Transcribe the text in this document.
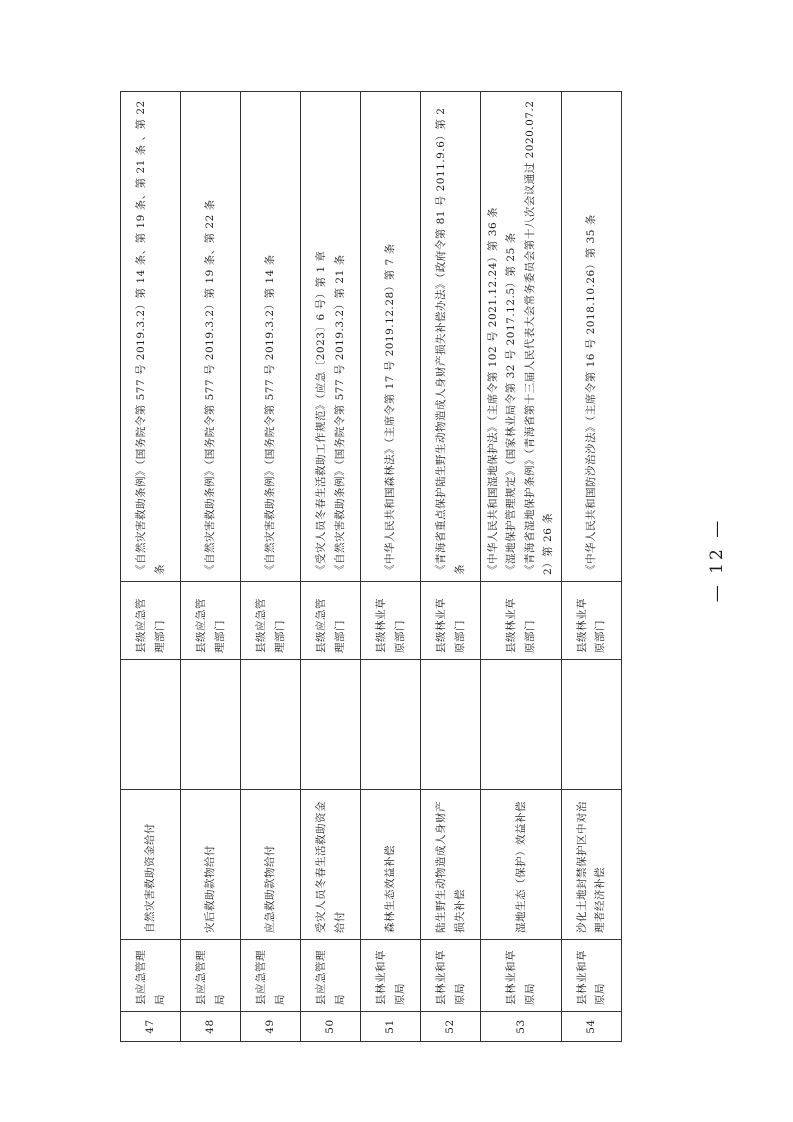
47	县应急管理局	自然灾害救助资金给付		县级应急管理部门	《自然灾害救助条例》（国务院令第 577 号 2019.3.2）第 14 条、第 19 条、第 21 条 、第 22 条

48	县应急管理局	灾后救助款物给付		县级应急管理部门	《自然灾害救助条例》（国务院令第 577 号 2019.3.2）第 19 条、第 22 条

49	县应急管理局	应急救助款物给付		县级应急管理部门	《自然灾害救助条例》（国务院令第 577 号 2019.3.2）第 14 条

50	县应急管理局	受灾人员冬春生活救助资金给付		县级应急管理部门	《受灾人员冬春生活救助工作规范》（应急〔2023〕6 号）第 1 章 《自然灾害救助条例》（国务院令第 577 号 2019.3.2）第 21 条

51	县林业和草原局	森林生态效益补偿		县级林业草原部门	《中华人民共和国森林法》（主席令第 17 号 2019.12.28）第 7 条

52	县林业和草原局	陆生野生动物造成人身财产损失补偿		县级林业草原部门	《青海省重点保护陆生野生动物造成人身财产损失补偿办法》（政府令第 81 号 2011.9.6）第 2 条

53	县林业和草原局	湿地生态（保护）效益补偿		县级林业草原部门	《中华人民共和国湿地保护法》（主席令第 102 号 2021.12.24）第 36 条 《湿地保护管理规定》（国家林业局令第 32 号 2017.12.5）第 25 条 《青海省湿地保护条例》（青海省第十三届人民代表大会常务委员会第十八次会议通过 2020.07.22）第 26 条

54	县林业和草原局	沙化土地封禁保护区中对治理者经济补偿		县级林业草原部门	《中华人民共和国防沙治沙法》（主席令第 16 号 2018.10.26）第 35 条	— 12 —
